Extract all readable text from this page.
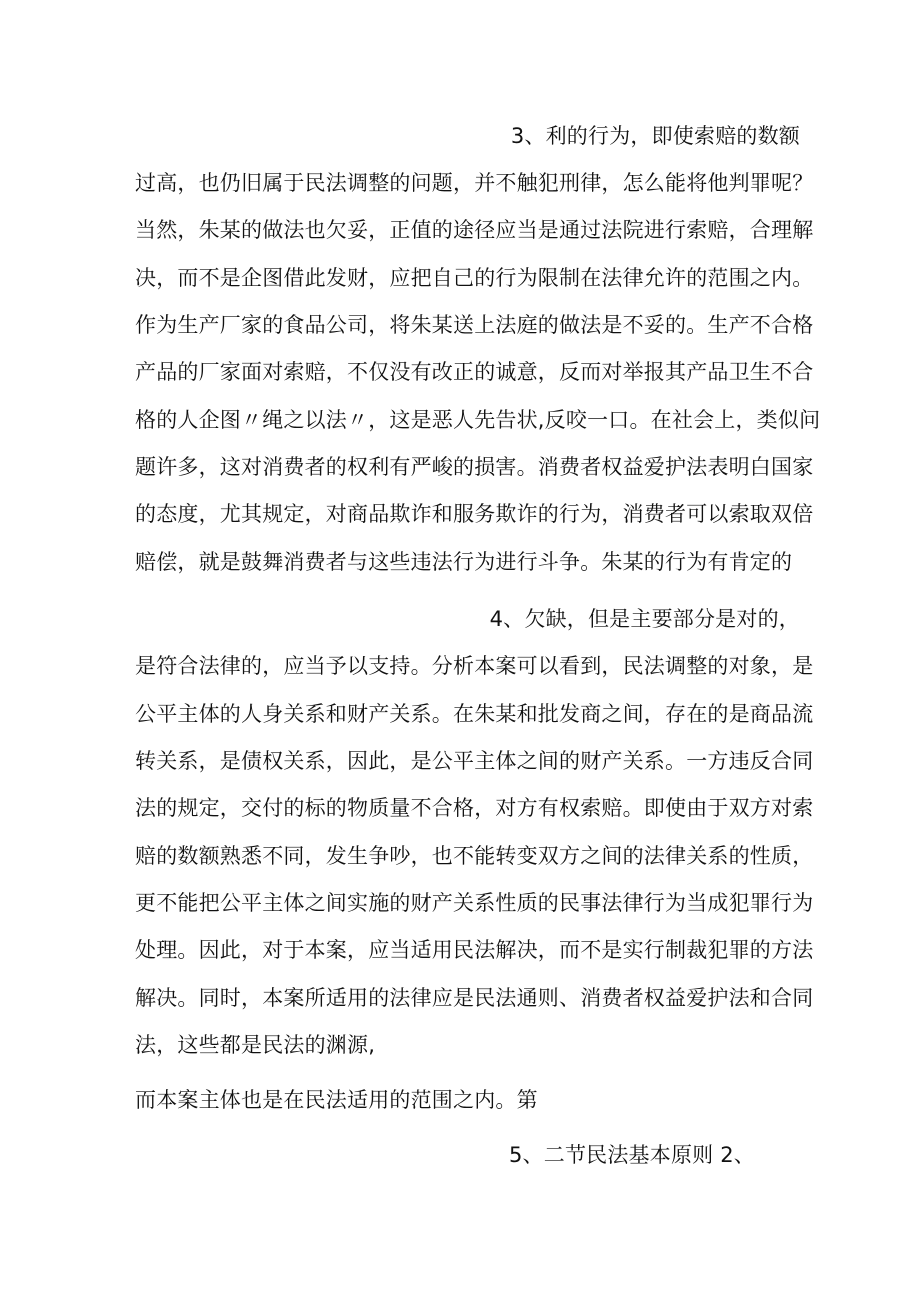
3、利的行为，即使索赔的数额
过高，也仍旧属于民法调整的问题，并不触犯刑律，怎么能将他判罪呢？
当然，朱某的做法也欠妥，正值的途径应当是通过法院进行索赔，合理解
决，而不是企图借此发财，应把自己的行为限制在法律允许的范围之内。
作为生产厂家的食品公司，将朱某送上法庭的做法是不妥的。生产不合格
产品的厂家面对索赔，不仅没有改正的诚意，反而对举报其产品卫生不合
格的人企图〃绳之以法〃，这是恶人先告状,反咬一口。在社会上，类似问
题许多，这对消费者的权利有严峻的损害。消费者权益爱护法表明白国家
的态度，尤其规定，对商品欺诈和服务欺诈的行为，消费者可以索取双倍
赔偿，就是鼓舞消费者与这些违法行为进行斗争。朱某的行为有肯定的
4、欠缺，但是主要部分是对的，
是符合法律的，应当予以支持。分析本案可以看到，民法调整的对象，是
公平主体的人身关系和财产关系。在朱某和批发商之间，存在的是商品流
转关系，是债权关系，因此，是公平主体之间的财产关系。一方违反合同
法的规定，交付的标的物质量不合格，对方有权索赔。即使由于双方对索
赔的数额熟悉不同，发生争吵，也不能转变双方之间的法律关系的性质，
更不能把公平主体之间实施的财产关系性质的民事法律行为当成犯罪行为
处理。因此，对于本案，应当适用民法解决，而不是实行制裁犯罪的方法
解决。同时，本案所适用的法律应是民法通则、消费者权益爱护法和合同
法，这些都是民法的渊源,
而本案主体也是在民法适用的范围之内。第
5、二节民法基本原则 2、
